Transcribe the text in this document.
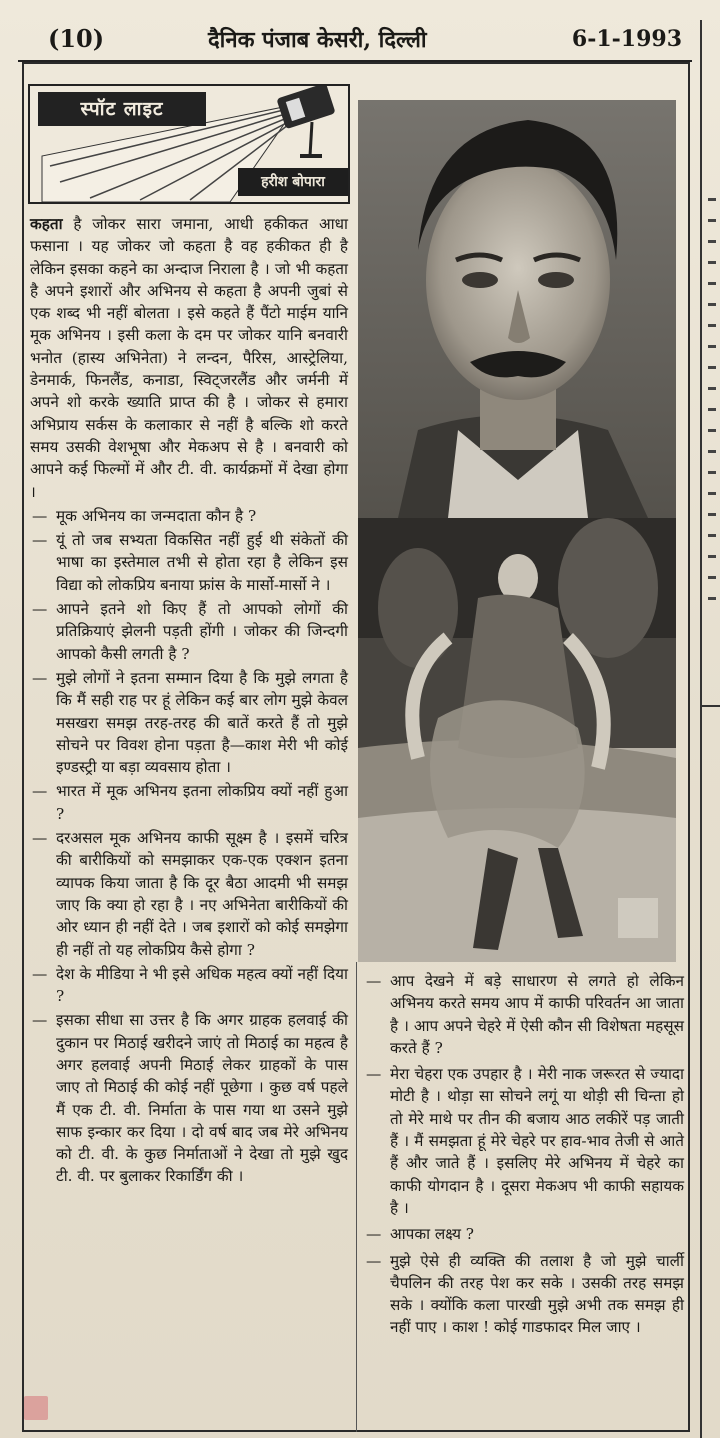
(10)	दैनिक पंजाब केसरी, दिल्ली	6-1-1993
स्पॉट लाइट
हरीश बोपारा

कहता है जोकर सारा जमाना, आधी हकीकत आधा फसाना । यह जोकर जो कहता है वह हकीकत ही है लेकिन इसका कहने का अन्दाज निराला है । जो भी कहता है अपने इशारों और अभिनय से कहता है अपनी जुबां से एक शब्द भी नहीं बोलता । इसे कहते हैं पैंटो माईम यानि मूक अभिनय । इसी कला के दम पर जोकर यानि बनवारी भनोत (हास्य अभिनेता) ने लन्दन, पैरिस, आस्ट्रेलिया, डेनमार्क, फिनलैंड, कनाडा, स्विट्जरलैंड और जर्मनी में अपने शो करके ख्याति प्राप्त की है । जोकर से हमारा अभिप्राय सर्कस के कलाकार से नहीं है बल्कि शो करते समय उसकी वेशभूषा और मेकअप से है । बनवारी को आपने कई फिल्मों में और टी. वी. कार्यक्रमों में देखा होगा ।

— मूक अभिनय का जन्मदाता कौन है ?
— यूं तो जब सभ्यता विकसित नहीं हुई थी संकेतों की भाषा का इस्तेमाल तभी से होता रहा है लेकिन इस विद्या को लोकप्रिय बनाया फ्रांस के मार्सो-मार्सो ने ।
— आपने इतने शो किए हैं तो आपको लोगों की प्रतिक्रियाएं झेलनी पड़ती होंगी । जोकर की जिन्दगी आपको कैसी लगती है ?
— मुझे लोगों ने इतना सम्मान दिया है कि मुझे लगता है कि मैं सही राह पर हूं लेकिन कई बार लोग मुझे केवल मसखरा समझ तरह-तरह की बातें करते हैं तो मुझे सोचने पर विवश होना पड़ता है—काश मेरी भी कोई इण्डस्ट्री या बड़ा व्यवसाय होता ।
— भारत में मूक अभिनय इतना लोकप्रिय क्यों नहीं हुआ ?
— दरअसल मूक अभिनय काफी सूक्ष्म है । इसमें चरित्र की बारीकियों को समझाकर एक-एक एक्शन इतना व्यापक किया जाता है कि दूर बैठा आदमी भी समझ जाए कि क्या हो रहा है । नए अभिनेता बारीकियों की ओर ध्यान ही नहीं देते । जब इशारों को कोई समझेगा ही नहीं तो यह लोकप्रिय कैसे होगा ?
— देश के मीडिया ने भी इसे अधिक महत्व क्यों नहीं दिया ?
— इसका सीधा सा उत्तर है कि अगर ग्राहक हलवाई की दुकान पर मिठाई खरीदने जाएं तो मिठाई का महत्व है अगर हलवाई अपनी मिठाई लेकर ग्राहकों के पास जाए तो मिठाई की कोई नहीं पूछेगा । कुछ वर्ष पहले मैं एक टी. वी. निर्माता के पास गया था उसने मुझे साफ इन्कार कर दिया । दो वर्ष बाद जब मेरे अभिनय को टी. वी. के कुछ निर्माताओं ने देखा तो मुझे खुद टी. वी. पर बुलाकर रिकार्डिंग की ।
— आप देखने में बड़े साधारण से लगते हो लेकिन अभिनय करते समय आप में काफी परिवर्तन आ जाता है । आप अपने चेहरे में ऐसी कौन सी विशेषता महसूस करते हैं ?
— मेरा चेहरा एक उपहार है । मेरी नाक जरूरत से ज्यादा मोटी है । थोड़ा सा सोचने लगूं या थोड़ी सी चिन्ता हो तो मेरे माथे पर तीन की बजाय आठ लकीरें पड़ जाती हैं । मैं समझता हूं मेरे चेहरे पर हाव-भाव तेजी से आते हैं और जाते हैं । इसलिए मेरे अभिनय में चेहरे का काफी योगदान है । दूसरा मेकअप भी काफी सहायक है ।
— आपका लक्ष्य ?
— मुझे ऐसे ही व्यक्ति की तलाश है जो मुझे चार्ली चैपलिन की तरह पेश कर सके । उसकी तरह समझ सके । क्योंकि कला पारखी मुझे अभी तक समझ ही नहीं पाए । काश ! कोई गाडफादर मिल जाए ।
